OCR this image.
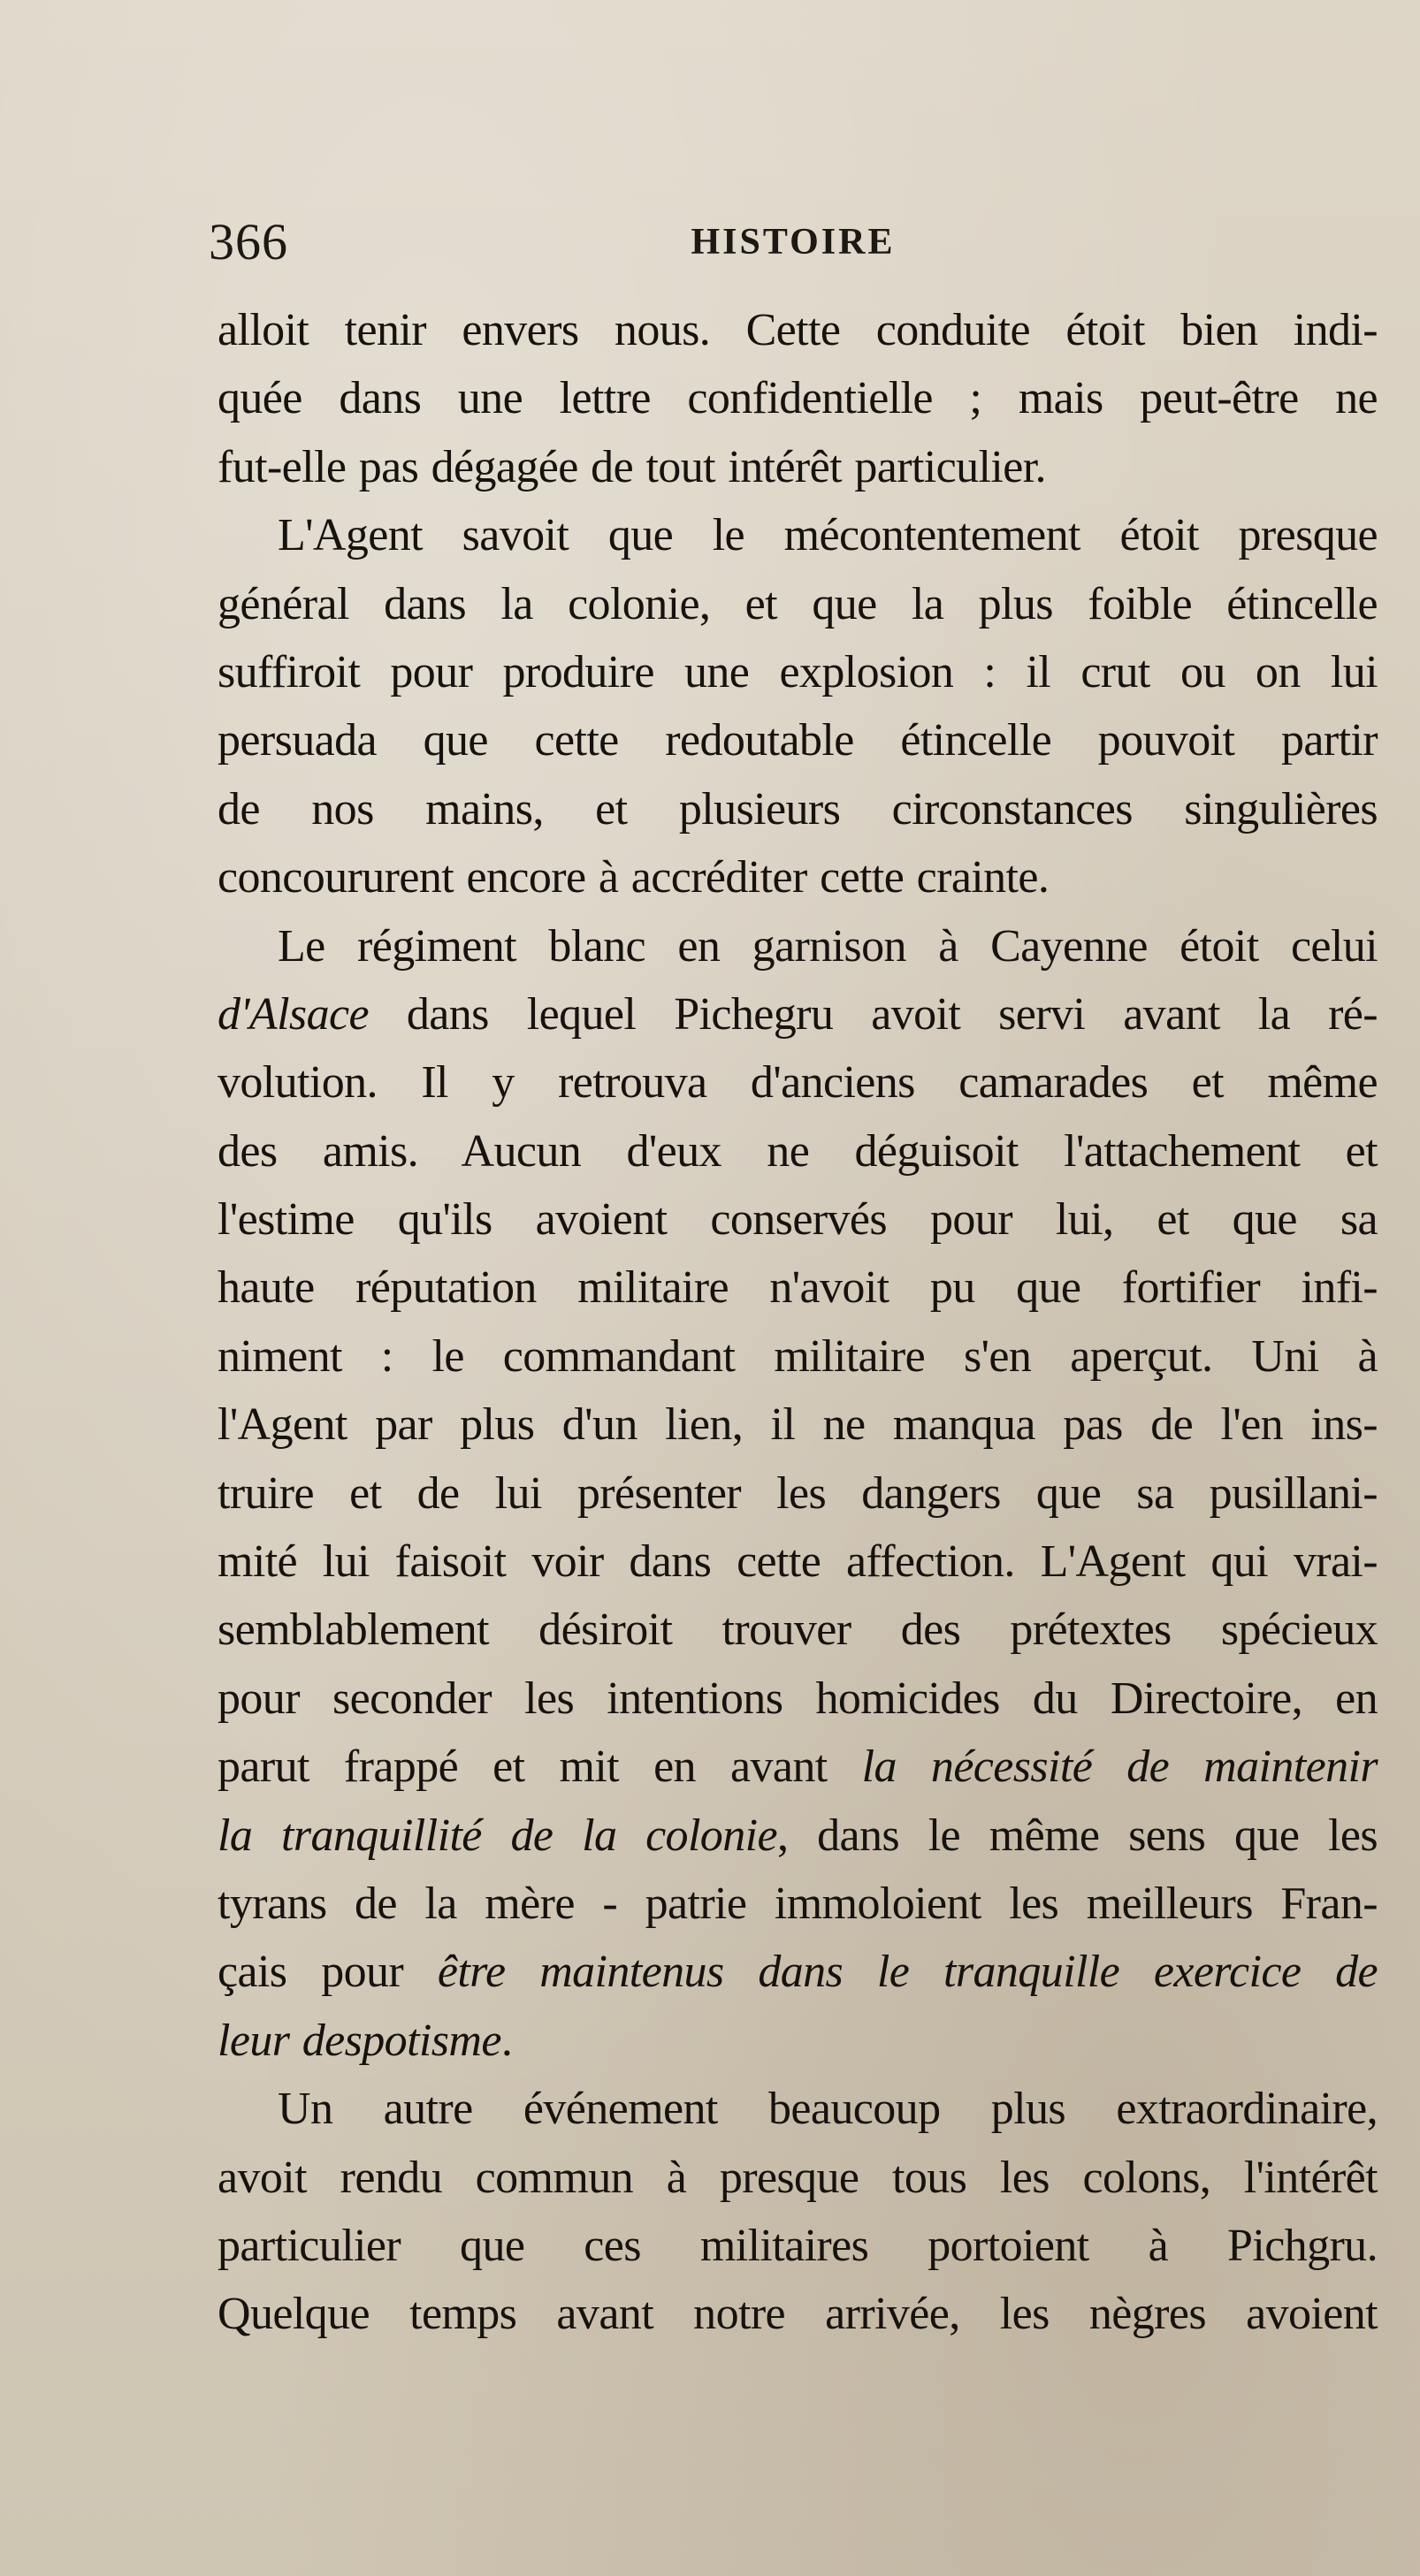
366	HISTOIRE
alloit tenir envers nous. Cette conduite étoit bien indi-
quée dans une lettre confidentielle ; mais peut-être ne
fut-elle pas dégagée de tout intérêt particulier.
L'Agent savoit que le mécontentement étoit presque
général dans la colonie, et que la plus foible étincelle
suffiroit pour produire une explosion : il crut ou on lui
persuada que cette redoutable étincelle pouvoit partir
de nos mains, et plusieurs circonstances singulières
concoururent encore à accréditer cette crainte.
Le régiment blanc en garnison à Cayenne étoit celui
d'Alsace dans lequel Pichegru avoit servi avant la ré-
volution. Il y retrouva d'anciens camarades et même
des amis. Aucun d'eux ne déguisoit l'attachement et
l'estime qu'ils avoient conservés pour lui, et que sa
haute réputation militaire n'avoit pu que fortifier infi-
niment : le commandant militaire s'en aperçut. Uni à
l'Agent par plus d'un lien, il ne manqua pas de l'en ins-
truire et de lui présenter les dangers que sa pusillani-
mité lui faisoit voir dans cette affection. L'Agent qui vrai-
semblablement désiroit trouver des prétextes spécieux
pour seconder les intentions homicides du Directoire, en
parut frappé et mit en avant la nécessité de maintenir
la tranquillité de la colonie, dans le même sens que les
tyrans de la mère - patrie immoloient les meilleurs Fran-
çais pour être maintenus dans le tranquille exercice de
leur despotisme.
Un autre événement beaucoup plus extraordinaire,
avoit rendu commun à presque tous les colons, l'intérêt
particulier que ces militaires portoient à Pichgru.
Quelque temps avant notre arrivée, les nègres avoient
